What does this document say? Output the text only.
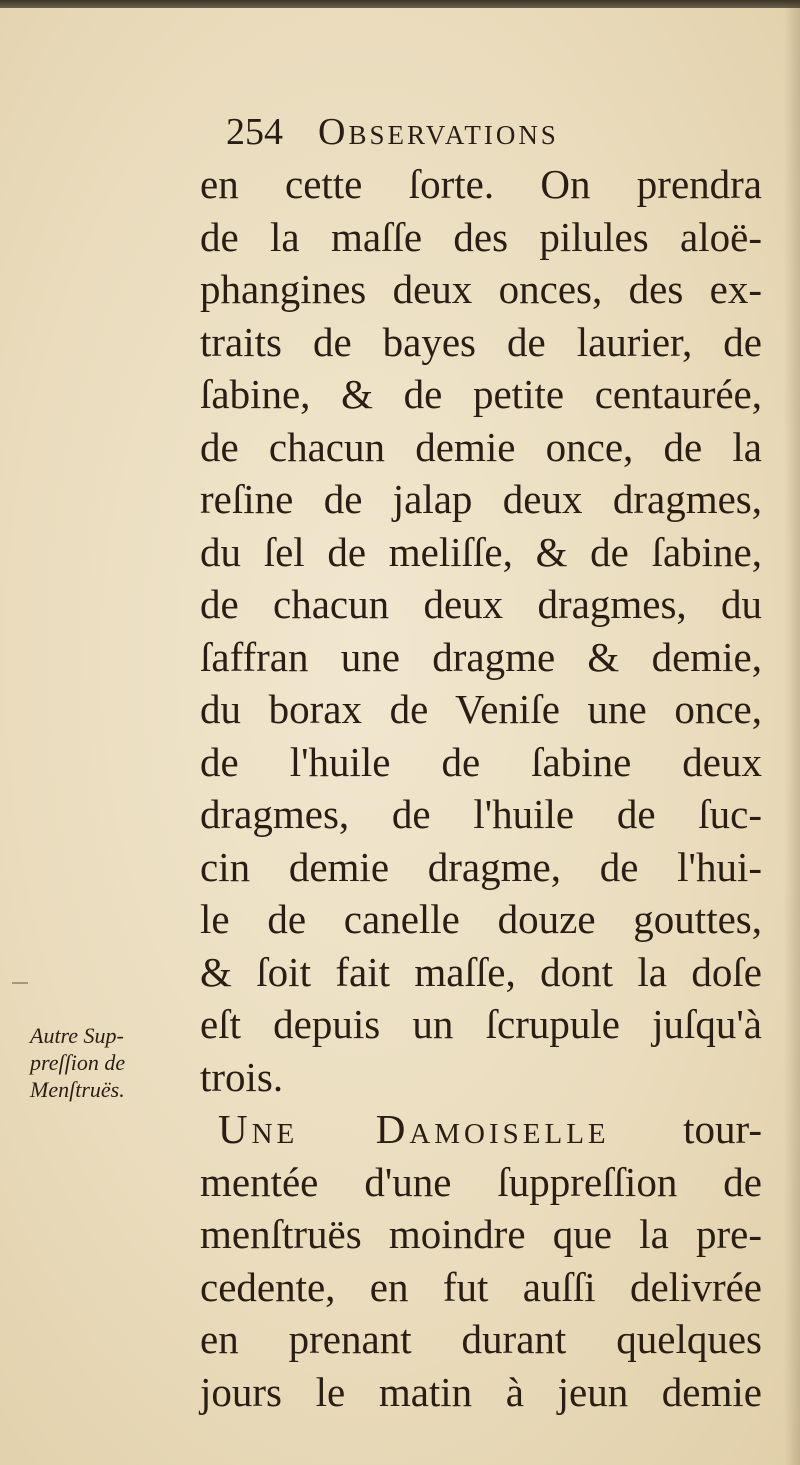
254 Observations
en cette ſorte. On prendra
de la maſſe des pilules aloë-
phangines deux onces, des ex-
traits de bayes de laurier, de
ſabine, & de petite centaurée,
de chacun demie once, de la
reſine de jalap deux dragmes,
du ſel de meliſſe, & de ſabine,
de chacun deux dragmes, du
ſaffran une dragme & demie,
du borax de Veniſe une once,
de l'huile de ſabine deux
dragmes, de l'huile de ſuc-
cin demie dragme, de l'hui-
le de canelle douze gouttes,
& ſoit fait maſſe, dont la doſe
eſt depuis un ſcrupule juſqu'à
trois.
Une Damoiselle tour-
mentée d'une ſuppreſſion de
menſtruës moindre que la pre-
cedente, en fut auſſi delivrée
en prenant durant quelques
jours le matin à jeun demie
Autre Sup-
preſſion de
Menſtruës.
